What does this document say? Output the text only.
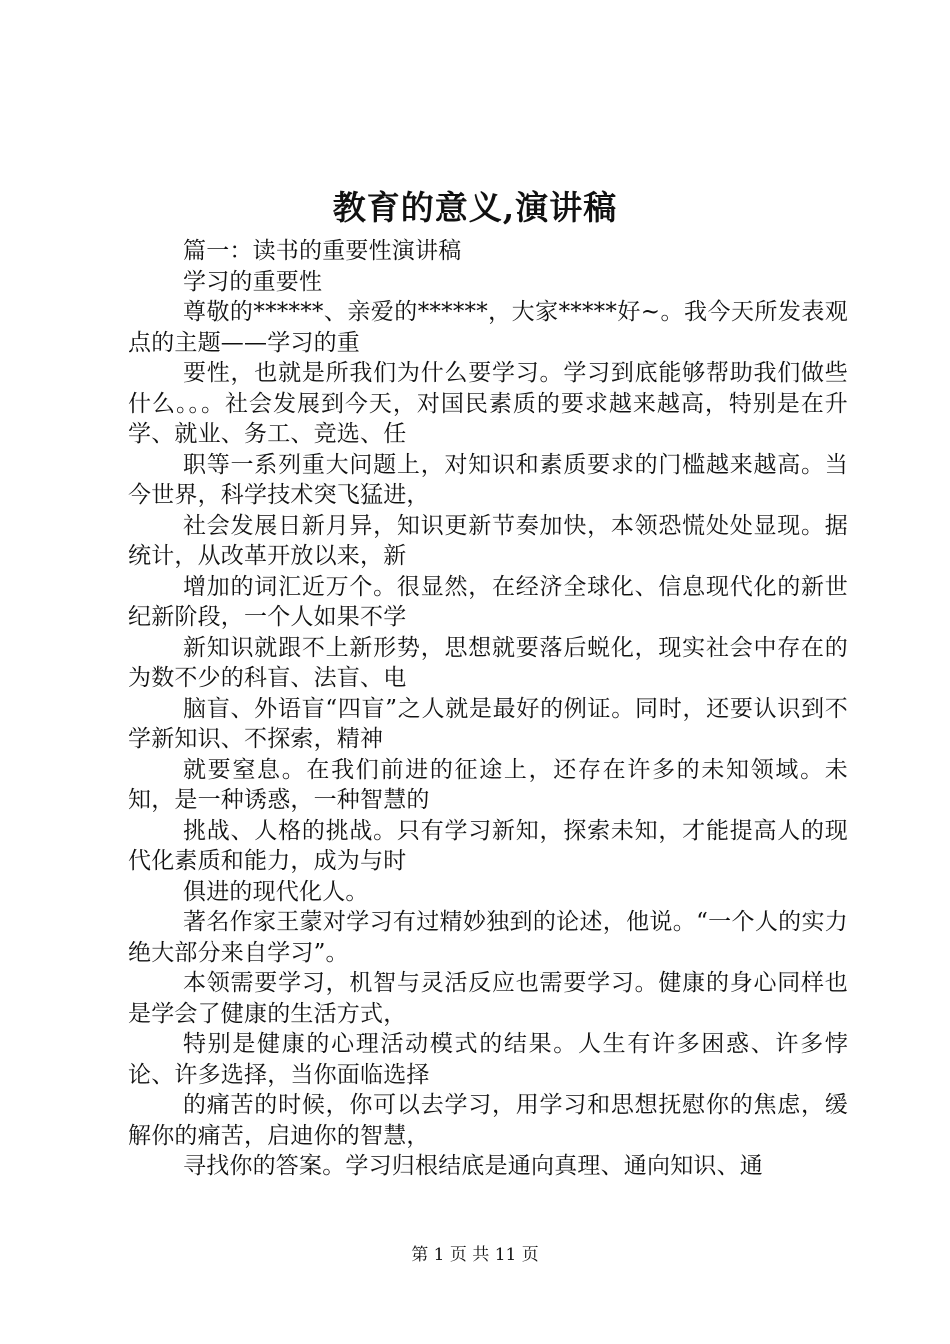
教育的意义,演讲稿

篇一：读书的重要性演讲稿

学习的重要性

尊敬的******、亲爱的******，大家*****好~。我今天所发表观点的主题——学习的重

要性，也就是所我们为什么要学习。学习到底能够帮助我们做些什么。。。社会发展到今天，对国民素质的要求越来越高，特别是在升学、就业、务工、竞选、任

职等一系列重大问题上，对知识和素质要求的门槛越来越高。当今世界，科学技术突飞猛进，

社会发展日新月异，知识更新节奏加快，本领恐慌处处显现。据统计，从改革开放以来，新

增加的词汇近万个。很显然，在经济全球化、信息现代化的新世纪新阶段，一个人如果不学

新知识就跟不上新形势，思想就要落后蜕化，现实社会中存在的为数不少的科盲、法盲、电

脑盲、外语盲“四盲”之人就是最好的例证。同时，还要认识到不学新知识、不探索，精神

就要窒息。在我们前进的征途上，还存在许多的未知领域。未知，是一种诱惑，一种智慧的

挑战、人格的挑战。只有学习新知，探索未知，才能提高人的现代化素质和能力，成为与时

俱进的现代化人。

著名作家王蒙对学习有过精妙独到的论述，他说。“一个人的实力绝大部分来自学习”。

本领需要学习，机智与灵活反应也需要学习。健康的身心同样也是学会了健康的生活方式，

特别是健康的心理活动模式的结果。人生有许多困惑、许多悖论、许多选择，当你面临选择

的痛苦的时候，你可以去学习，用学习和思想抚慰你的焦虑，缓解你的痛苦，启迪你的智慧，

寻找你的答案。学习归根结底是通向真理、通向知识、通

第 1 页 共 11 页
